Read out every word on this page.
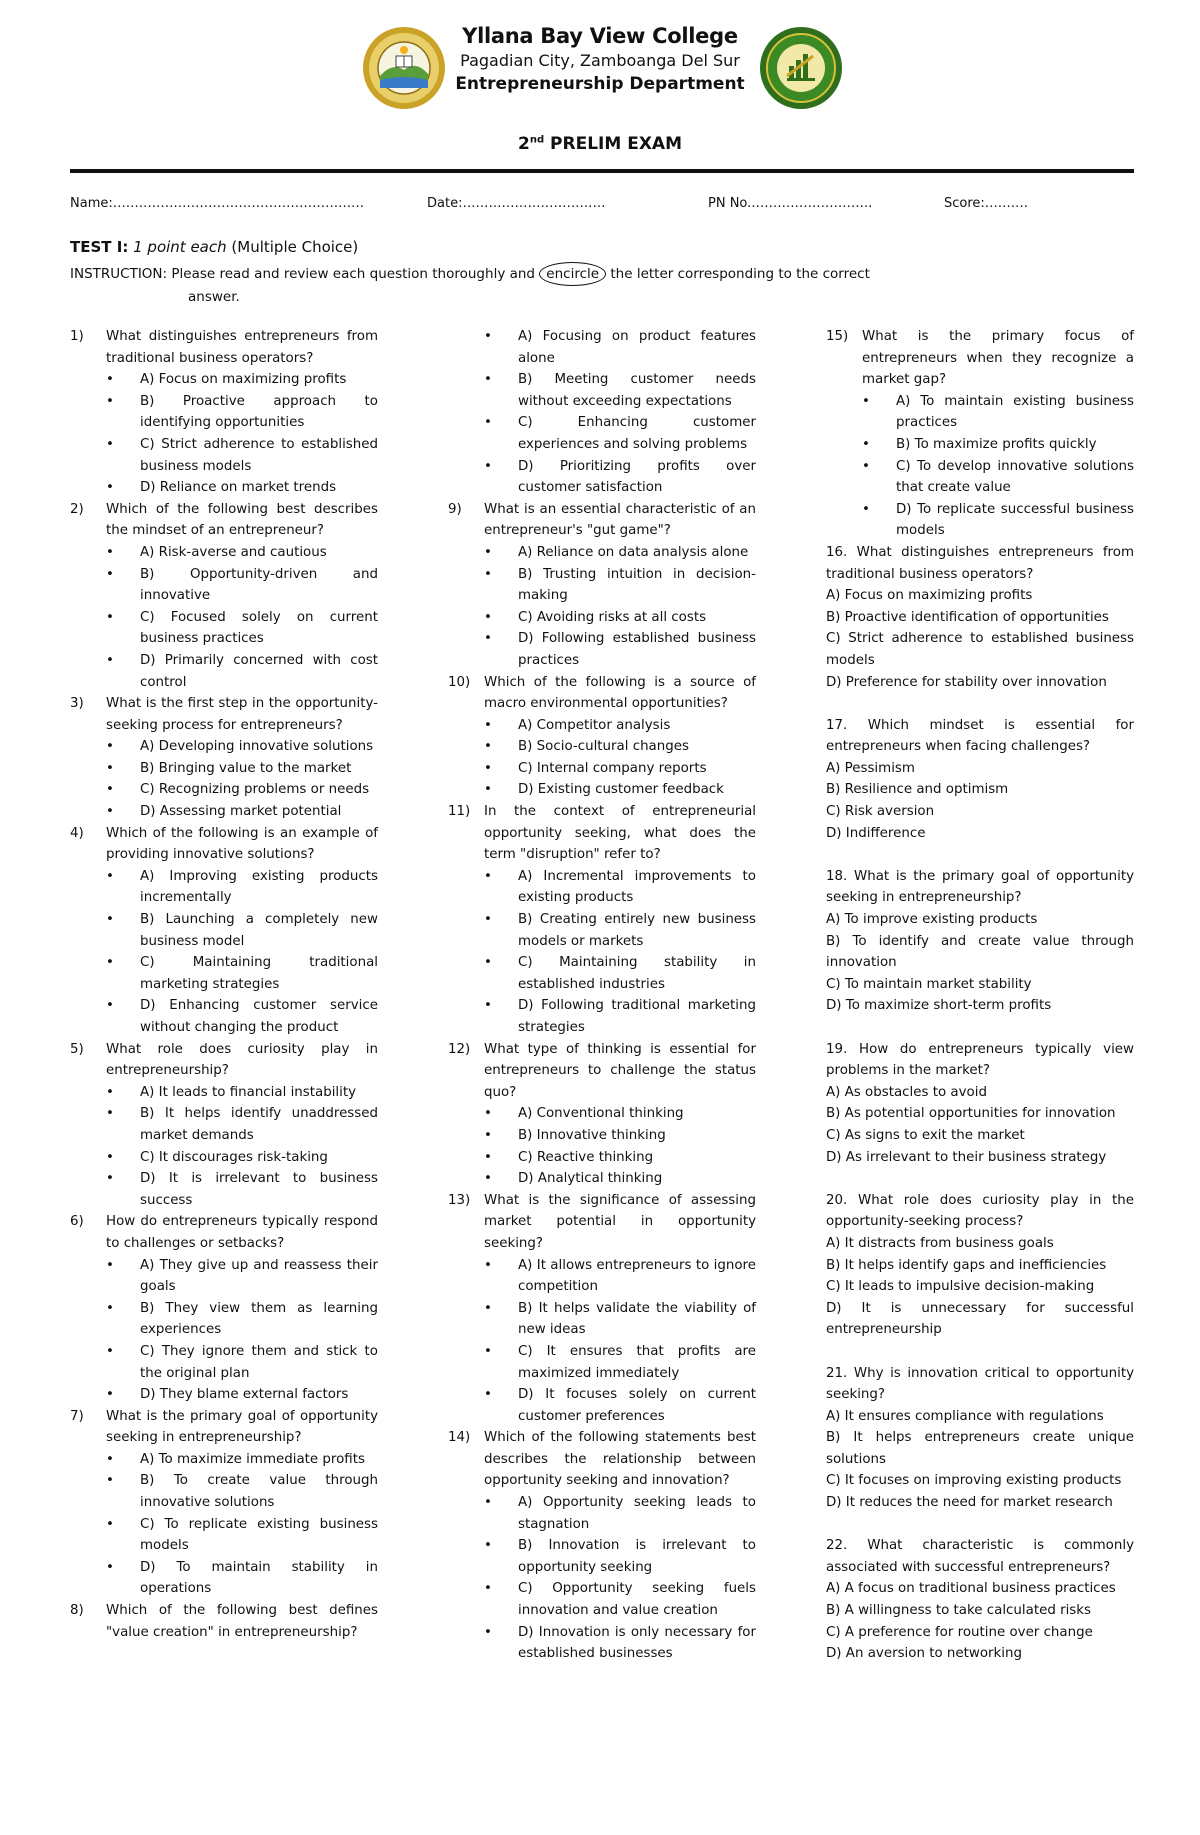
Yllana Bay View College
Pagadian City, Zamboanga Del Sur
Entrepreneurship Department
2nd PRELIM EXAM
Name:………………………………………………….	Date:……………………………	PN No.……………………….	Score:……….
TEST I: 1 point each (Multiple Choice)
INSTRUCTION: Please read and review each question thoroughly and encircle the letter corresponding to the correct
answer.
1) What distinguishes entrepreneurs from traditional business operators?
• A) Focus on maximizing profits
• B) Proactive approach to identifying opportunities
• C) Strict adherence to established business models
• D) Reliance on market trends
2) Which of the following best describes the mindset of an entrepreneur?
• A) Risk-averse and cautious
• B) Opportunity-driven and innovative
• C) Focused solely on current business practices
• D) Primarily concerned with cost control
3) What is the first step in the opportunity-seeking process for entrepreneurs?
• A) Developing innovative solutions
• B) Bringing value to the market
• C) Recognizing problems or needs
• D) Assessing market potential
4) Which of the following is an example of providing innovative solutions?
• A) Improving existing products incrementally
• B) Launching a completely new business model
• C) Maintaining traditional marketing strategies
• D) Enhancing customer service without changing the product
5) What role does curiosity play in entrepreneurship?
• A) It leads to financial instability
• B) It helps identify unaddressed market demands
• C) It discourages risk-taking
• D) It is irrelevant to business success
6) How do entrepreneurs typically respond to challenges or setbacks?
• A) They give up and reassess their goals
• B) They view them as learning experiences
• C) They ignore them and stick to the original plan
• D) They blame external factors
7) What is the primary goal of opportunity seeking in entrepreneurship?
• A) To maximize immediate profits
• B) To create value through innovative solutions
• C) To replicate existing business models
• D) To maintain stability in operations
8) Which of the following best defines "value creation" in entrepreneurship?
• A) Focusing on product features alone
• B) Meeting customer needs without exceeding expectations
• C) Enhancing customer experiences and solving problems
• D) Prioritizing profits over customer satisfaction
9) What is an essential characteristic of an entrepreneur's "gut game"?
• A) Reliance on data analysis alone
• B) Trusting intuition in decision-making
• C) Avoiding risks at all costs
• D) Following established business practices
10) Which of the following is a source of macro environmental opportunities?
• A) Competitor analysis
• B) Socio-cultural changes
• C) Internal company reports
• D) Existing customer feedback
11) In the context of entrepreneurial opportunity seeking, what does the term "disruption" refer to?
• A) Incremental improvements to existing products
• B) Creating entirely new business models or markets
• C) Maintaining stability in established industries
• D) Following traditional marketing strategies
12) What type of thinking is essential for entrepreneurs to challenge the status quo?
• A) Conventional thinking
• B) Innovative thinking
• C) Reactive thinking
• D) Analytical thinking
13) What is the significance of assessing market potential in opportunity seeking?
• A) It allows entrepreneurs to ignore competition
• B) It helps validate the viability of new ideas
• C) It ensures that profits are maximized immediately
• D) It focuses solely on current customer preferences
14) Which of the following statements best describes the relationship between opportunity seeking and innovation?
• A) Opportunity seeking leads to stagnation
• B) Innovation is irrelevant to opportunity seeking
• C) Opportunity seeking fuels innovation and value creation
• D) Innovation is only necessary for established businesses
15) What is the primary focus of entrepreneurs when they recognize a market gap?
• A) To maintain existing business practices
• B) To maximize profits quickly
• C) To develop innovative solutions that create value
• D) To replicate successful business models
16. What distinguishes entrepreneurs from traditional business operators?
A) Focus on maximizing profits
B) Proactive identification of opportunities
C) Strict adherence to established business models
D) Preference for stability over innovation
17. Which mindset is essential for entrepreneurs when facing challenges?
A) Pessimism
B) Resilience and optimism
C) Risk aversion
D) Indifference
18. What is the primary goal of opportunity seeking in entrepreneurship?
A) To improve existing products
B) To identify and create value through innovation
C) To maintain market stability
D) To maximize short-term profits
19. How do entrepreneurs typically view problems in the market?
A) As obstacles to avoid
B) As potential opportunities for innovation
C) As signs to exit the market
D) As irrelevant to their business strategy
20. What role does curiosity play in the opportunity-seeking process?
A) It distracts from business goals
B) It helps identify gaps and inefficiencies
C) It leads to impulsive decision-making
D) It is unnecessary for successful entrepreneurship
21. Why is innovation critical to opportunity seeking?
A) It ensures compliance with regulations
B) It helps entrepreneurs create unique solutions
C) It focuses on improving existing products
D) It reduces the need for market research
22. What characteristic is commonly associated with successful entrepreneurs?
A) A focus on traditional business practices
B) A willingness to take calculated risks
C) A preference for routine over change
D) An aversion to networking
